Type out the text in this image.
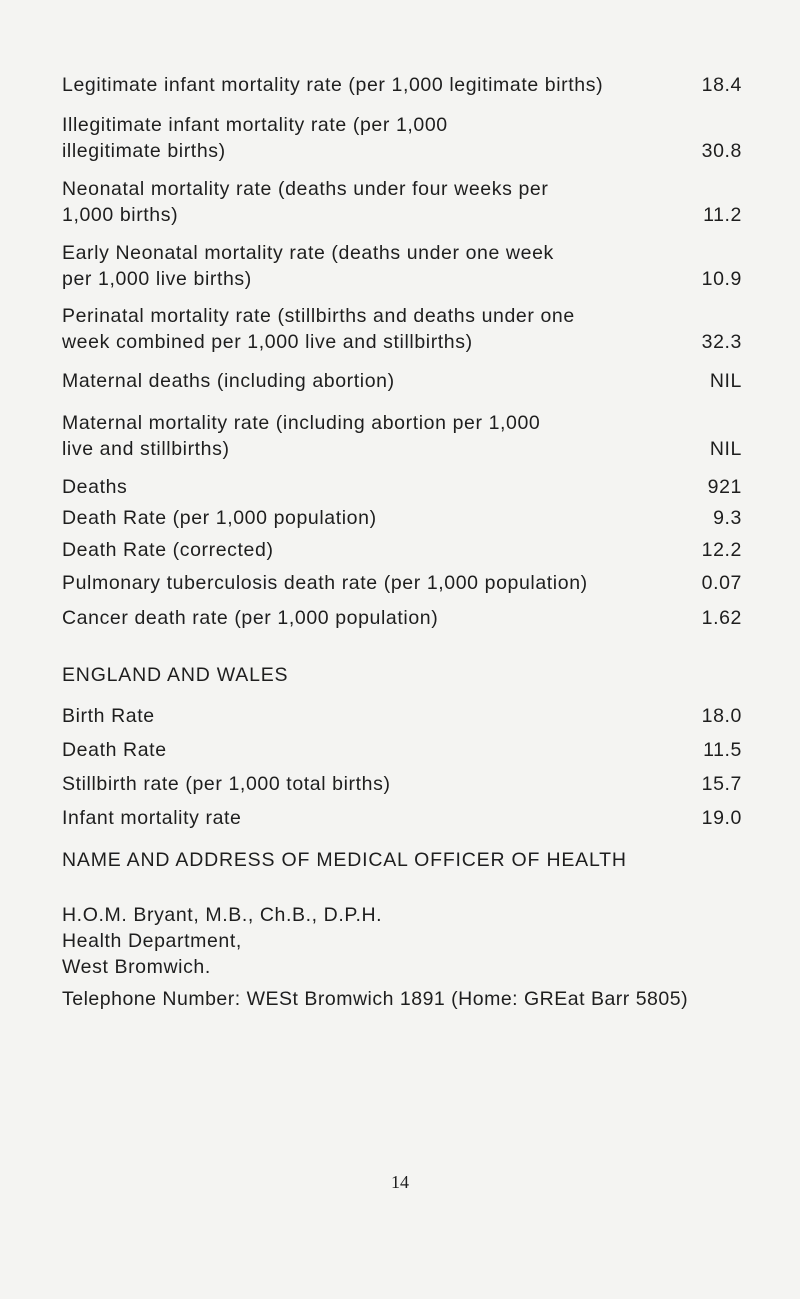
Legitimate infant mortality rate (per 1,000 legitimate births)	18.4
Illegitimate infant mortality rate (per 1,000
illegitimate births)	30.8
Neonatal mortality rate (deaths under four weeks per
1,000 births)	11.2
Early Neonatal mortality rate (deaths under one week
per 1,000 live births)	10.9
Perinatal mortality rate (stillbirths and deaths under one
week combined per 1,000 live and stillbirths)	32.3
Maternal deaths (including abortion)	NIL
Maternal mortality rate (including abortion per 1,000
live and stillbirths)	NIL
Deaths	921
Death Rate (per 1,000 population)	9.3
Death Rate (corrected)	12.2
Pulmonary tuberculosis death rate (per 1,000 population)	0.07
Cancer death rate (per 1,000 population)	1.62
ENGLAND AND WALES
Birth Rate	18.0
Death Rate	11.5
Stillbirth rate (per 1,000 total births)	15.7
Infant mortality rate	19.0
NAME AND ADDRESS OF MEDICAL OFFICER OF HEALTH
H.O.M. Bryant, M.B., Ch.B., D.P.H.
Health Department,
West Bromwich.
Telephone Number: WESt Bromwich 1891 (Home: GREat Barr 5805)
14
